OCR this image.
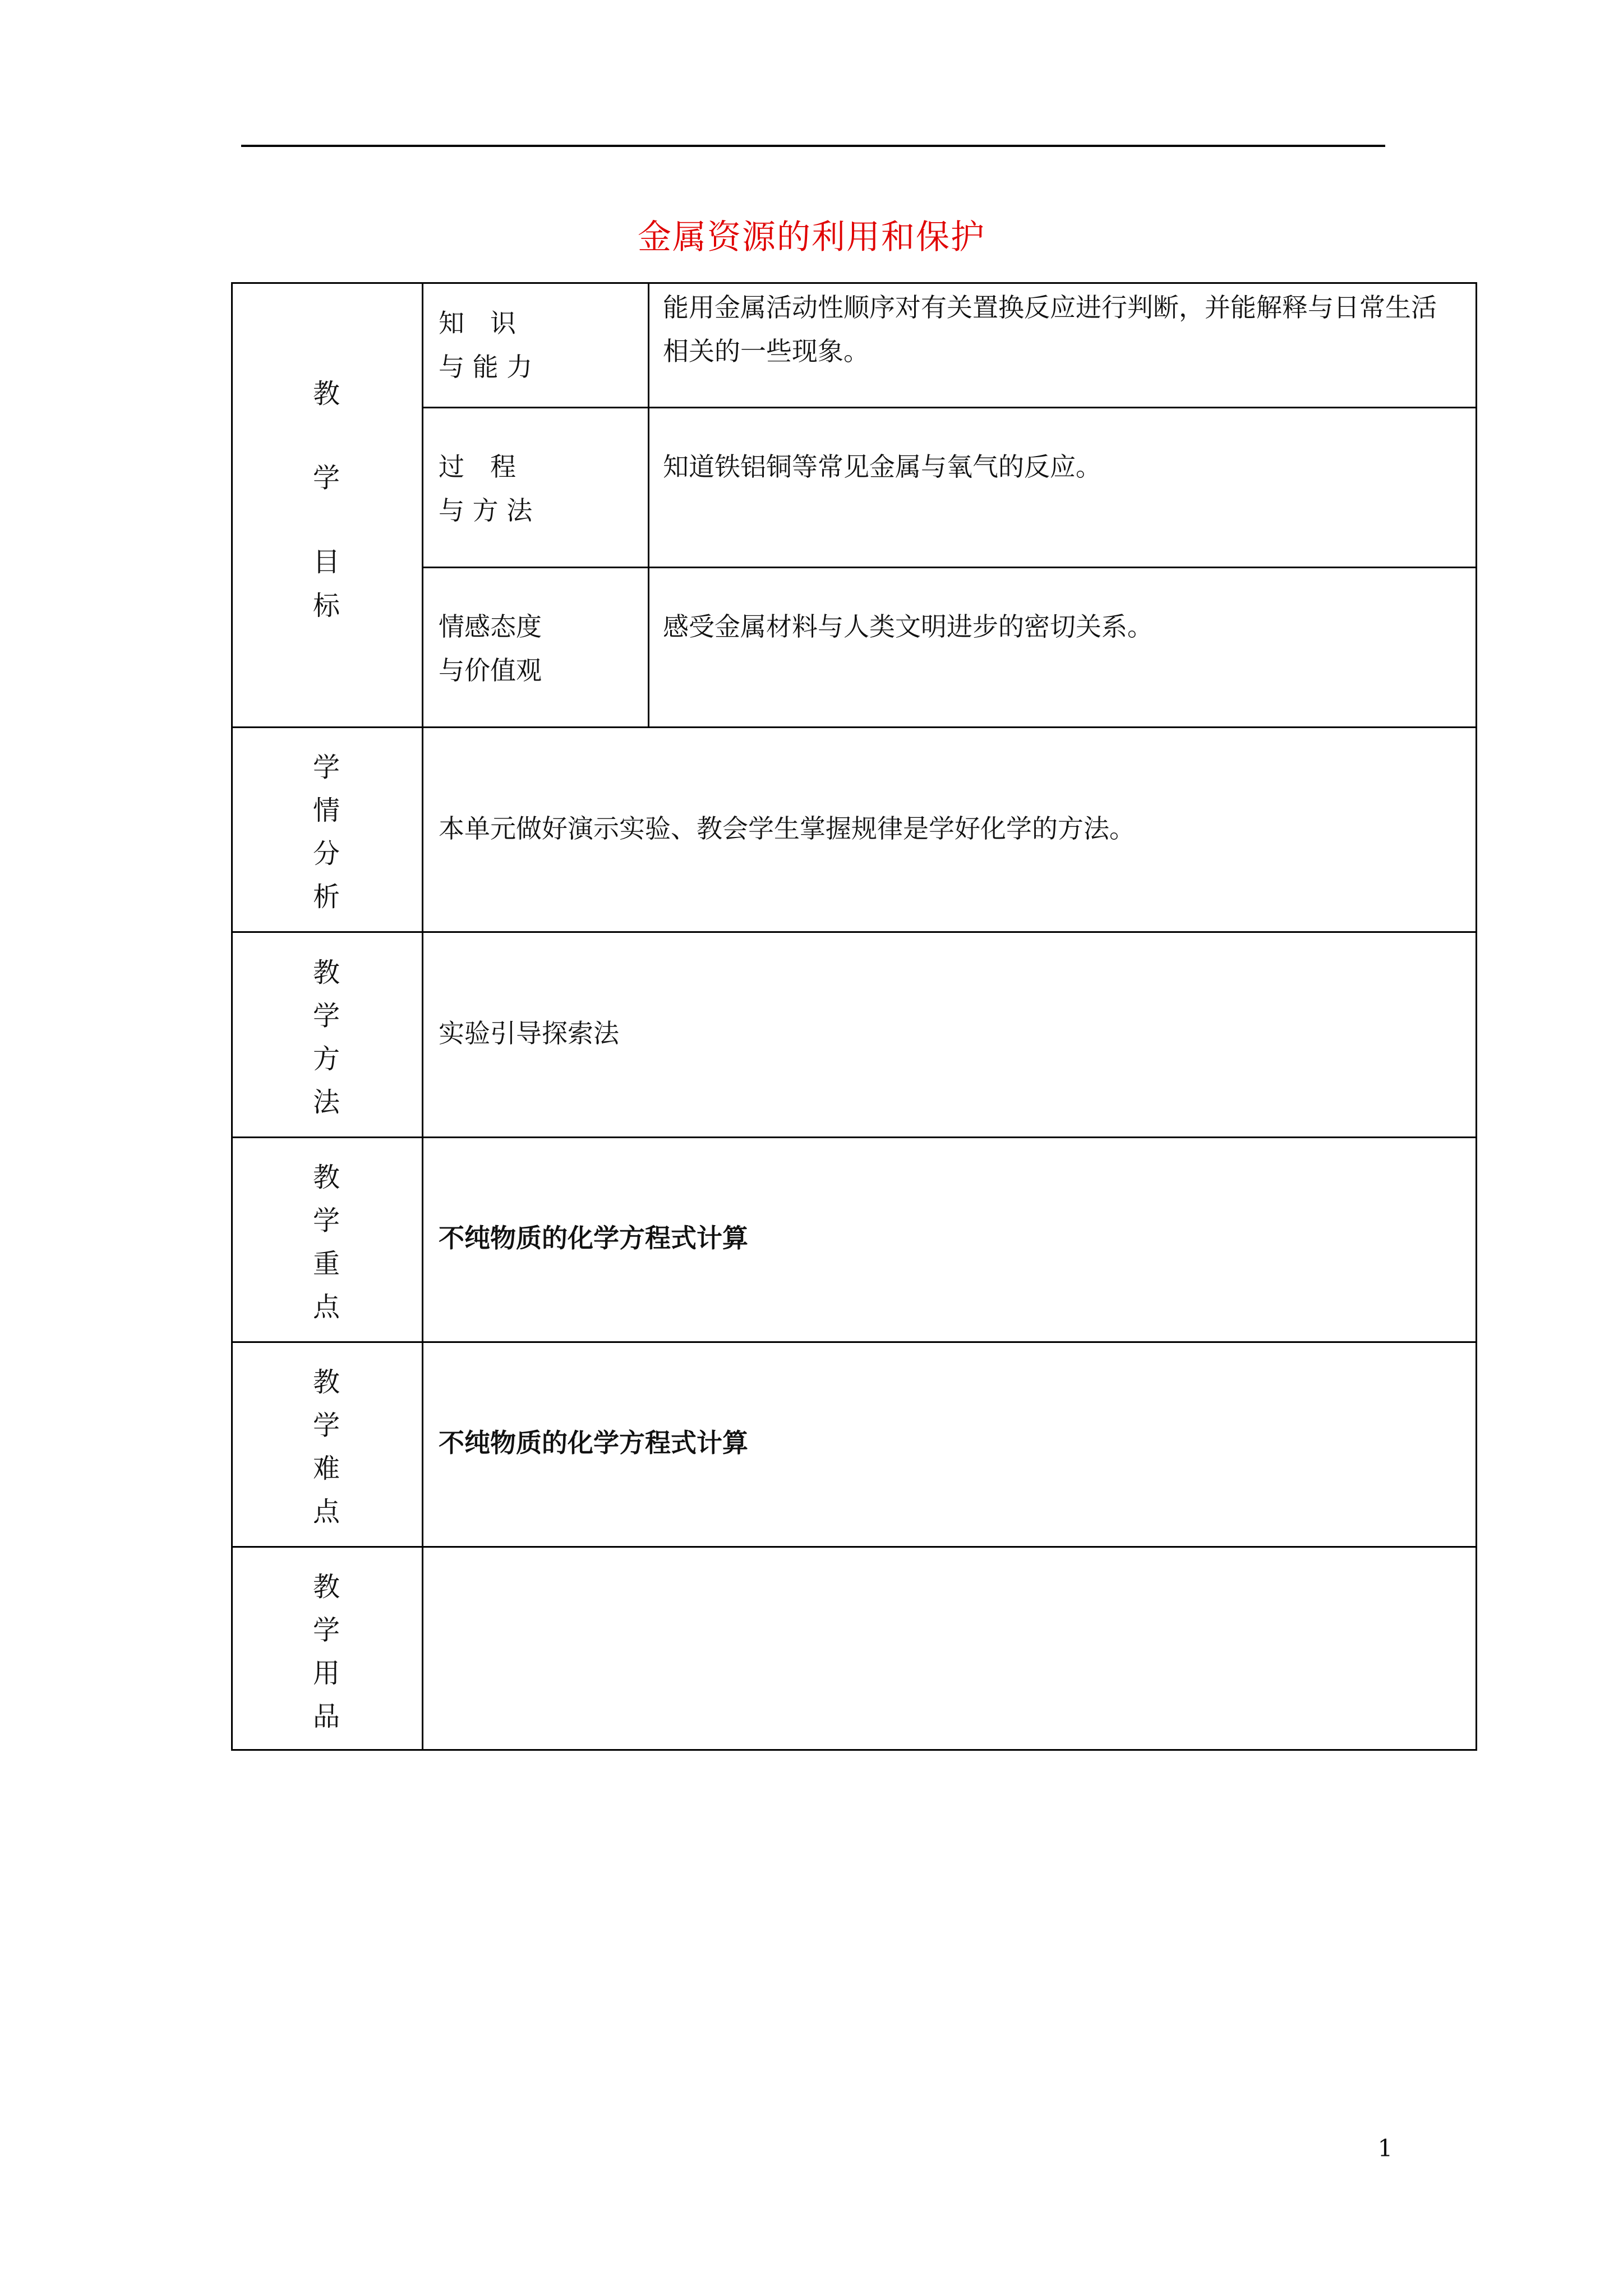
金属资源的利用和保护
教
学
目
标
知　识
与 能 力
能用金属活动性顺序对有关置换反应进行判断，并能解释与日常生活相关的一些现象。
过　程
与 方 法
知道铁铝铜等常见金属与氧气的反应。
情感态度
与价值观
感受金属材料与人类文明进步的密切关系。
学
情
分
析
本单元做好演示实验、教会学生掌握规律是学好化学的方法。
教
学
方
法
实验引导探索法
教
学
重
点
不纯物质的化学方程式计算
教
学
难
点
不纯物质的化学方程式计算
教
学
用
品
1
